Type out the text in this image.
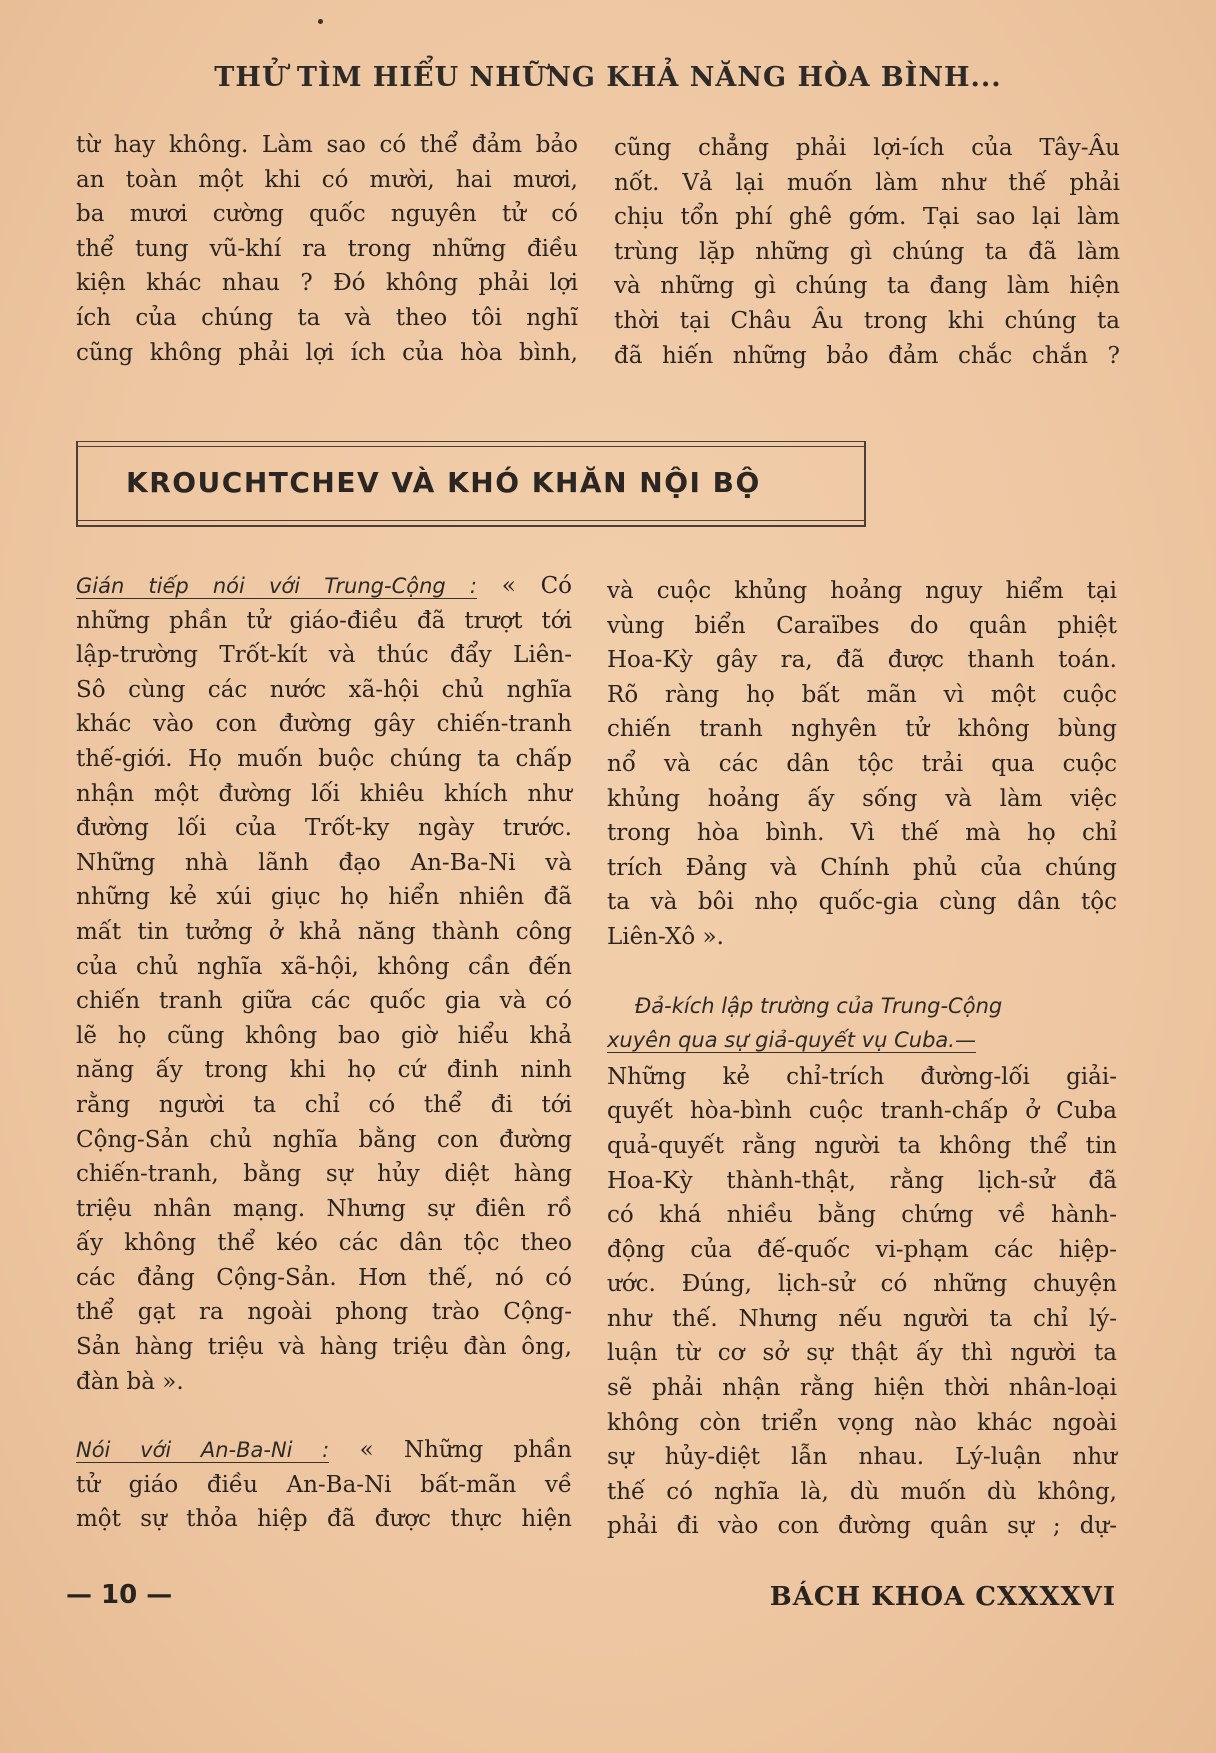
THỬ TÌM HIỂU NHỮNG KHẢ NĂNG HÒA BÌNH...
từ hay không. Làm sao có thể đảm bảo
an toàn một khi có mười, hai mươi,
ba mươi cường quốc nguyên tử có
thể tung vũ-khí ra trong những điều
kiện khác nhau ? Đó không phải lợi
ích của chúng ta và theo tôi nghĩ
cũng không phải lợi ích của hòa bình,
cũng chẳng phải lợi-ích của Tây-Âu
nốt. Vả lại muốn làm như thế phải
chịu tổn phí ghê gớm. Tại sao lại làm
trùng lặp những gì chúng ta đã làm
và những gì chúng ta đang làm hiện
thời tại Châu Âu trong khi chúng ta
đã hiến những bảo đảm chắc chắn ?
KROUCHTCHEV VÀ KHÓ KHĂN NỘI BỘ
Gián tiếp nói với Trung-Cộng : « Có
những phần tử giáo-điều đã trượt tới
lập-trường Trốt-kít và thúc đẩy Liên-
Sô cùng các nước xã-hội chủ nghĩa
khác vào con đường gây chiến-tranh
thế-giới. Họ muốn buộc chúng ta chấp
nhận một đường lối khiêu khích như
đường lối của Trốt-ky ngày trước.
Những nhà lãnh đạo An-Ba-Ni và
những kẻ xúi giục họ hiển nhiên đã
mất tin tưởng ở khả năng thành công
của chủ nghĩa xã-hội, không cần đến
chiến tranh giữa các quốc gia và có
lẽ họ cũng không bao giờ hiểu khả
năng ấy trong khi họ cứ đinh ninh
rằng người ta chỉ có thể đi tới
Cộng-Sản chủ nghĩa bằng con đường
chiến-tranh, bằng sự hủy diệt hàng
triệu nhân mạng. Nhưng sự điên rồ
ấy không thể kéo các dân tộc theo
các đảng Cộng-Sản. Hơn thế, nó có
thể gạt ra ngoài phong trào Cộng-
Sản hàng triệu và hàng triệu đàn ông,
đàn bà ».
Nói với An-Ba-Ni : « Những phần
tử giáo điều An-Ba-Ni bất-mãn về
một sự thỏa hiệp đã được thực hiện
và cuộc khủng hoảng nguy hiểm tại
vùng biển Caraïbes do quân phiệt
Hoa-Kỳ gây ra, đã được thanh toán.
Rõ ràng họ bất mãn vì một cuộc
chiến tranh nghyên tử không bùng
nổ và các dân tộc trải qua cuộc
khủng hoảng ấy sống và làm việc
trong hòa bình. Vì thế mà họ chỉ
trích Đảng và Chính phủ của chúng
ta và bôi nhọ quốc-gia cùng dân tộc
Liên-Xô ».
Đả-kích lập trường của Trung-Cộng
xuyên qua sự giả-quyết vụ Cuba.—
Những kẻ chỉ-trích đường-lối giải-
quyết hòa-bình cuộc tranh-chấp ở Cuba
quả-quyết rằng người ta không thể tin
Hoa-Kỳ thành-thật, rằng lịch-sử đã
có khá nhiều bằng chứng về hành-
động của đế-quốc vi-phạm các hiệp-
ước. Đúng, lịch-sử có những chuyện
như thế. Nhưng nếu người ta chỉ lý-
luận từ cơ sở sự thật ấy thì người ta
sẽ phải nhận rằng hiện thời nhân-loại
không còn triển vọng nào khác ngoài
sự hủy-diệt lẫn nhau. Lý-luận như
thế có nghĩa là, dù muốn dù không,
phải đi vào con đường quân sự ; dự-
— 10 —	BÁCH KHOA CXXXXVI
